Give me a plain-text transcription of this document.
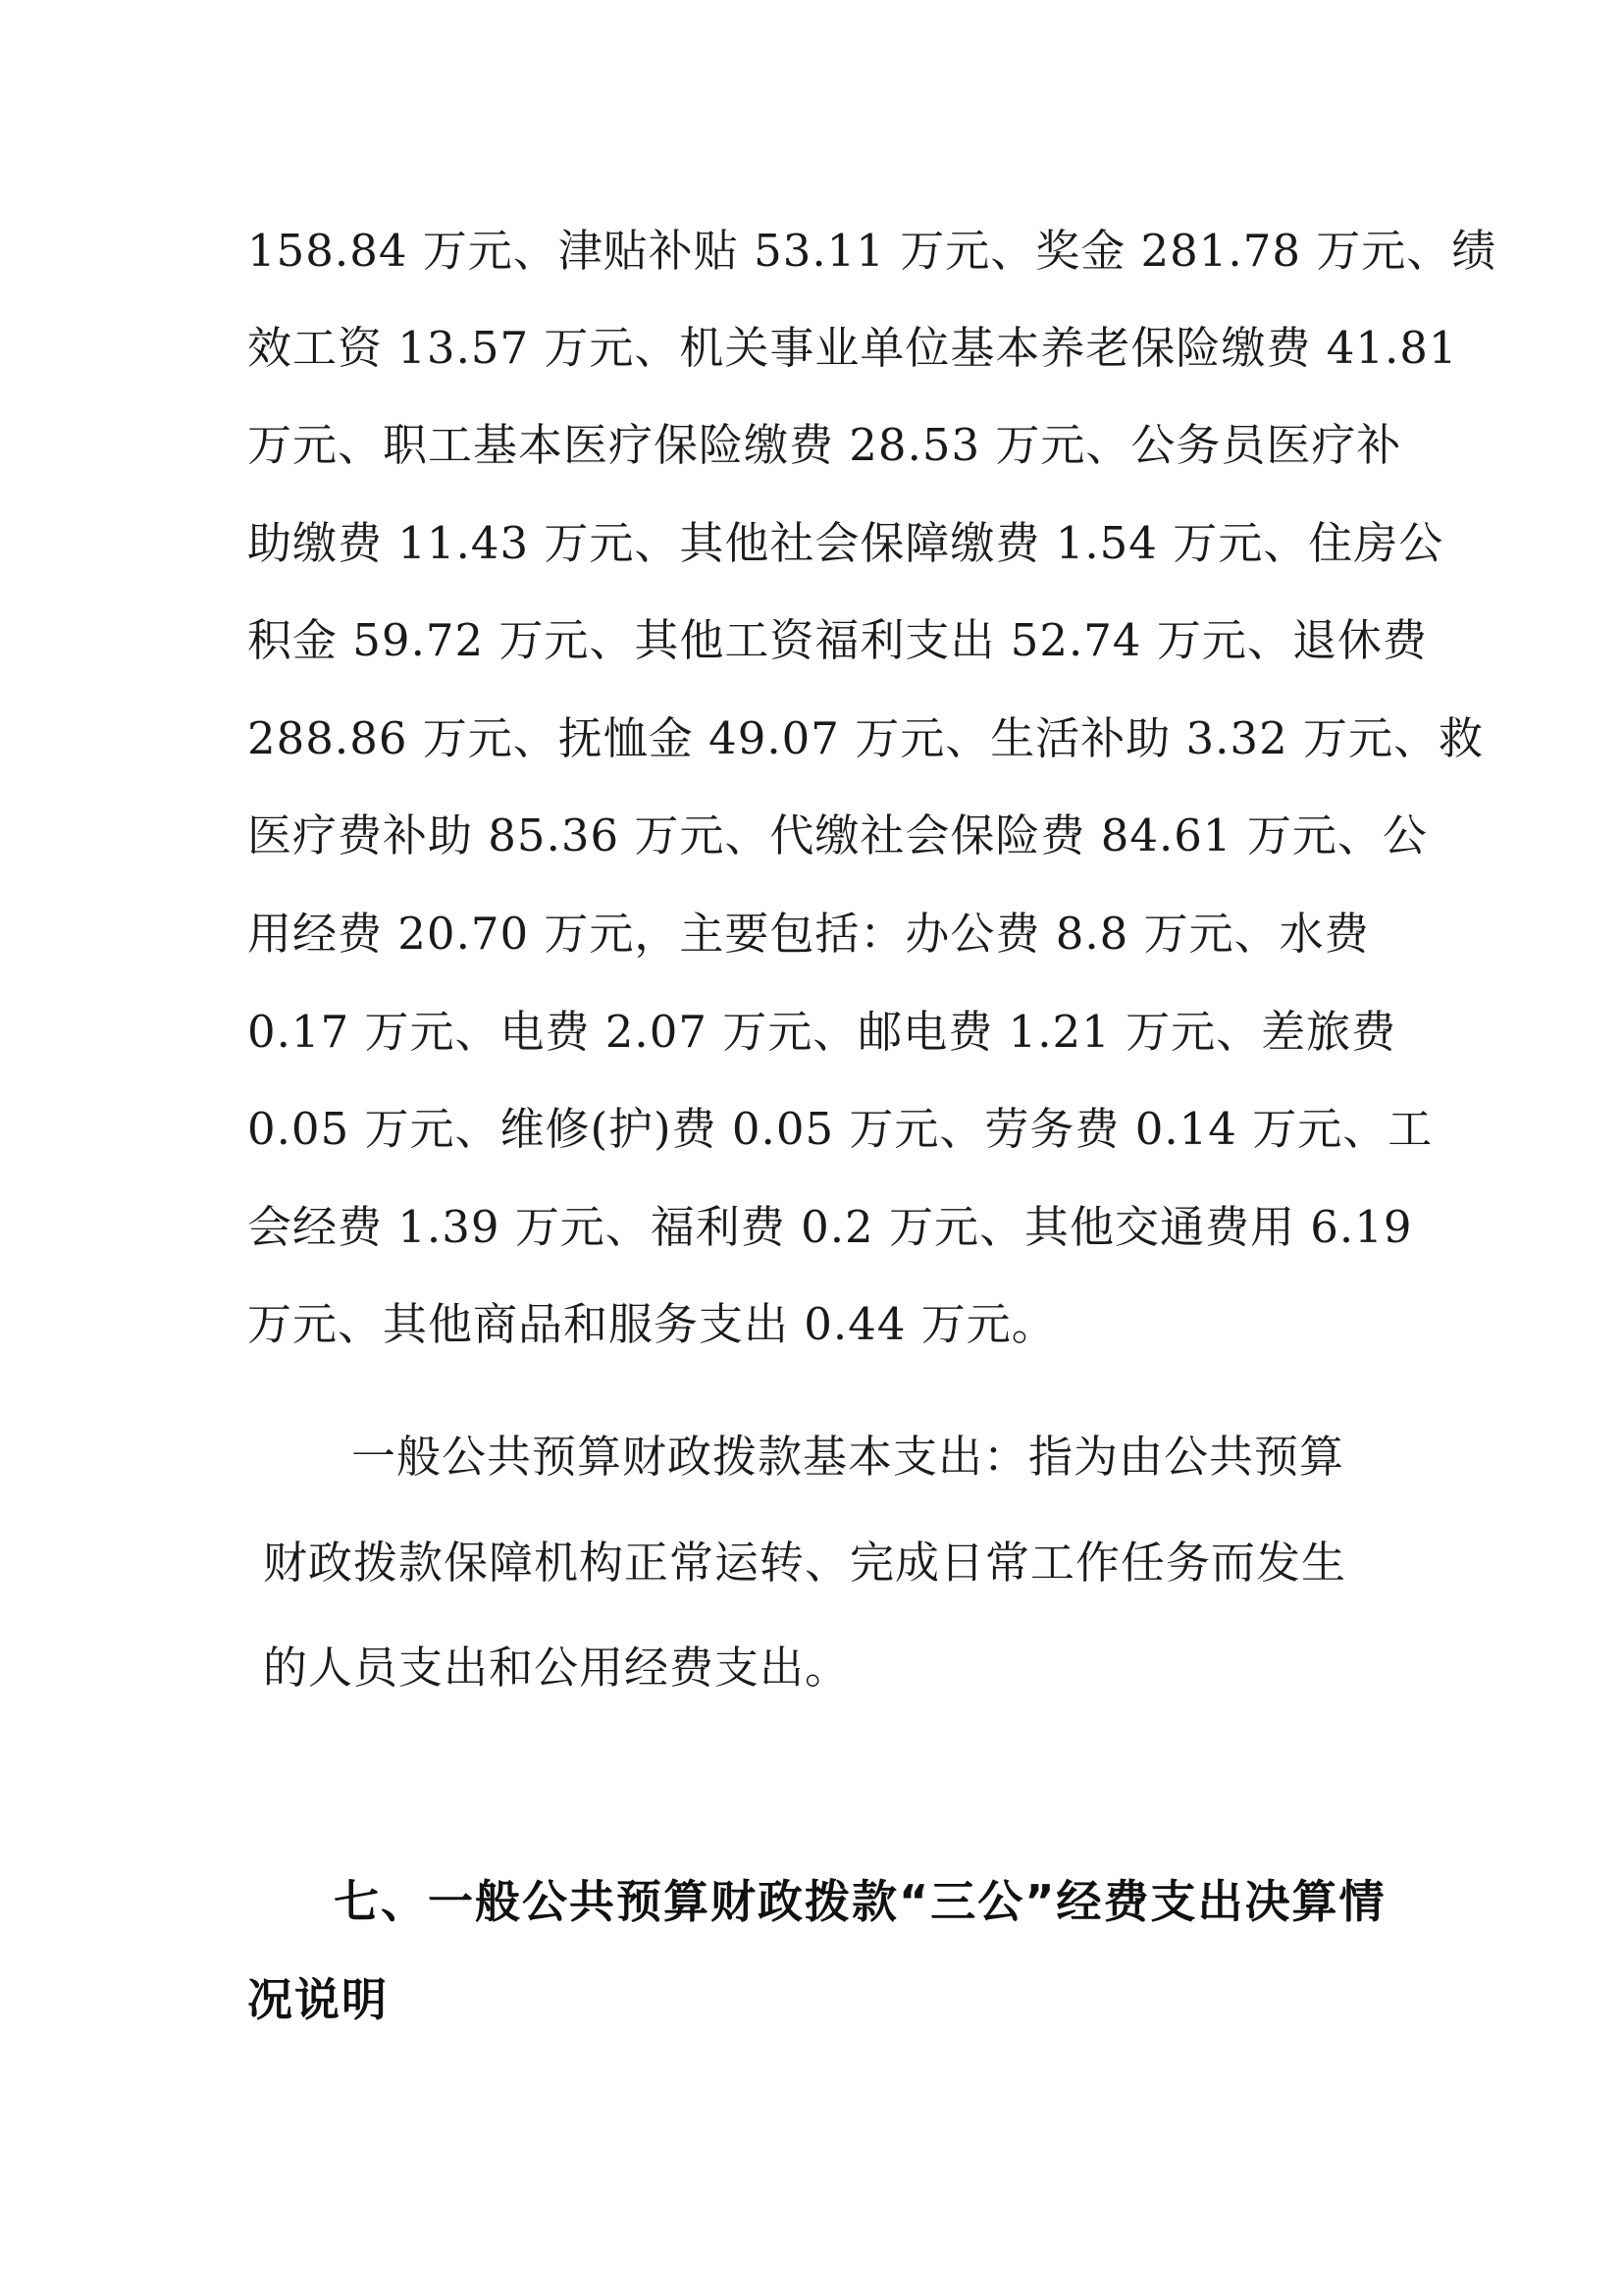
158.84 万元、津贴补贴 53.11 万元、奖金 281.78 万元、绩
效工资 13.57 万元、机关事业单位基本养老保险缴费 41.81
万元、职工基本医疗保险缴费 28.53 万元、公务员医疗补
助缴费 11.43 万元、其他社会保障缴费 1.54 万元、住房公
积金 59.72 万元、其他工资福利支出 52.74 万元、退休费
288.86 万元、抚恤金 49.07 万元、生活补助 3.32 万元、救
医疗费补助 85.36 万元、代缴社会保险费 84.61 万元、公
用经费 20.70 万元，主要包括：办公费 8.8 万元、水费
0.17 万元、电费 2.07 万元、邮电费 1.21 万元、差旅费
0.05 万元、维修(护)费 0.05 万元、劳务费 0.14 万元、工
会经费 1.39 万元、福利费 0.2 万元、其他交通费用 6.19
万元、其他商品和服务支出 0.44 万元。
一般公共预算财政拨款基本支出：指为由公共预算
财政拨款保障机构正常运转、完成日常工作任务而发生
的人员支出和公用经费支出。
七、一般公共预算财政拨款“三公”经费支出决算情
况说明
